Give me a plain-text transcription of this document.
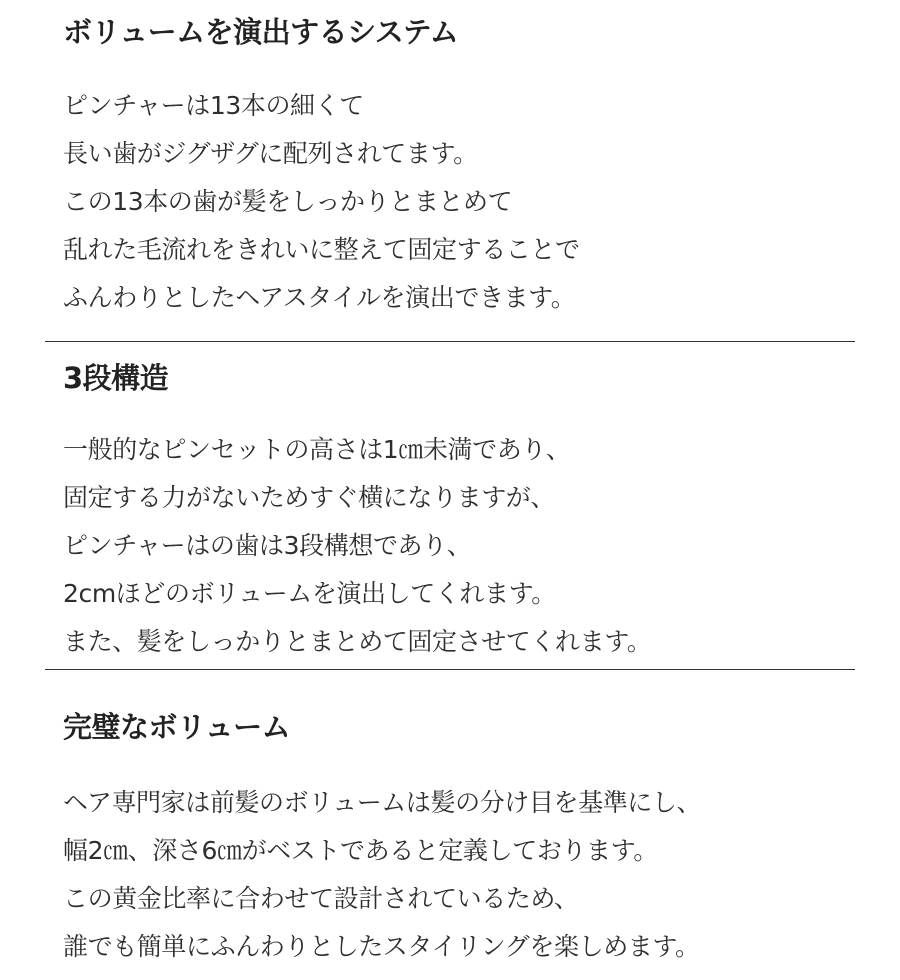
ボリュームを演出するシステム
ピンチャーは13本の細くて
長い歯がジグザグに配列されてます。
この13本の歯が髪をしっかりとまとめて
乱れた毛流れをきれいに整えて固定することで
ふんわりとしたヘアスタイルを演出できます。
3段構造
一般的なピンセットの高さは1㎝未満であり、
固定する力がないためすぐ横になりますが、
ピンチャーはの歯は3段構想であり、
2cmほどのボリュームを演出してくれます。
また、髪をしっかりとまとめて固定させてくれます。
完璧なボリューム
ヘア専門家は前髪のボリュームは髪の分け目を基準にし、
幅2㎝、深さ6㎝がベストであると定義しております。
この黄金比率に合わせて設計されているため、
誰でも簡単にふんわりとしたスタイリングを楽しめます。
